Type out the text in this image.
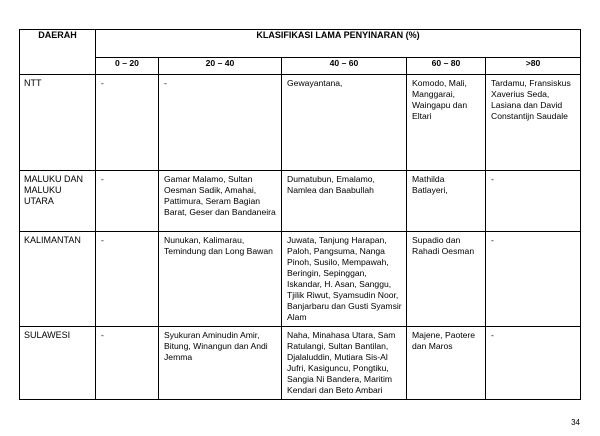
DAERAH	KLASIFIKASI LAMA PENYINARAN (%)				
	0 – 20	20 – 40	40 – 60	60 – 80	>80

NTT	-	-	Gewayantana,	Komodo, Mali, Manggarai, Waingapu dan Eltari	Tardamu, Fransiskus Xaverius Seda, Lasiana dan David Constantijn Saudale

MALUKU DAN MALUKU UTARA	-	Gamar Malamo, Sultan Oesman Sadik, Amahai, Pattimura, Seram Bagian Barat, Geser dan Bandaneira	Dumatubun, Emalamo, Namlea dan Baabullah	Mathilda Batlayeri,	-

KALIMANTAN	-	Nunukan, Kalimarau, Temindung dan Long Bawan	Juwata, Tanjung Harapan, Paloh, Pangsuma, Nanga Pinoh, Susilo, Mempawah, Beringin, Sepinggan, Iskandar, H. Asan, Sanggu, Tjilik Riwut, Syamsudin Noor, Banjarbaru dan Gusti Syamsir Alam	Supadio dan Rahadi Oesman	-

SULAWESI	-	Syukuran Aminudin Amir, Bitung, Winangun dan Andi Jemma	Naha, Minahasa Utara, Sam Ratulangi, Sultan Bantilan, Djalaluddin, Mutiara Sis-Al Jufri, Kasiguncu, Pongtiku, Sangia Ni Bandera, Maritim Kendari dan Beto Ambari	Majene, Paotere dan Maros	-
34
